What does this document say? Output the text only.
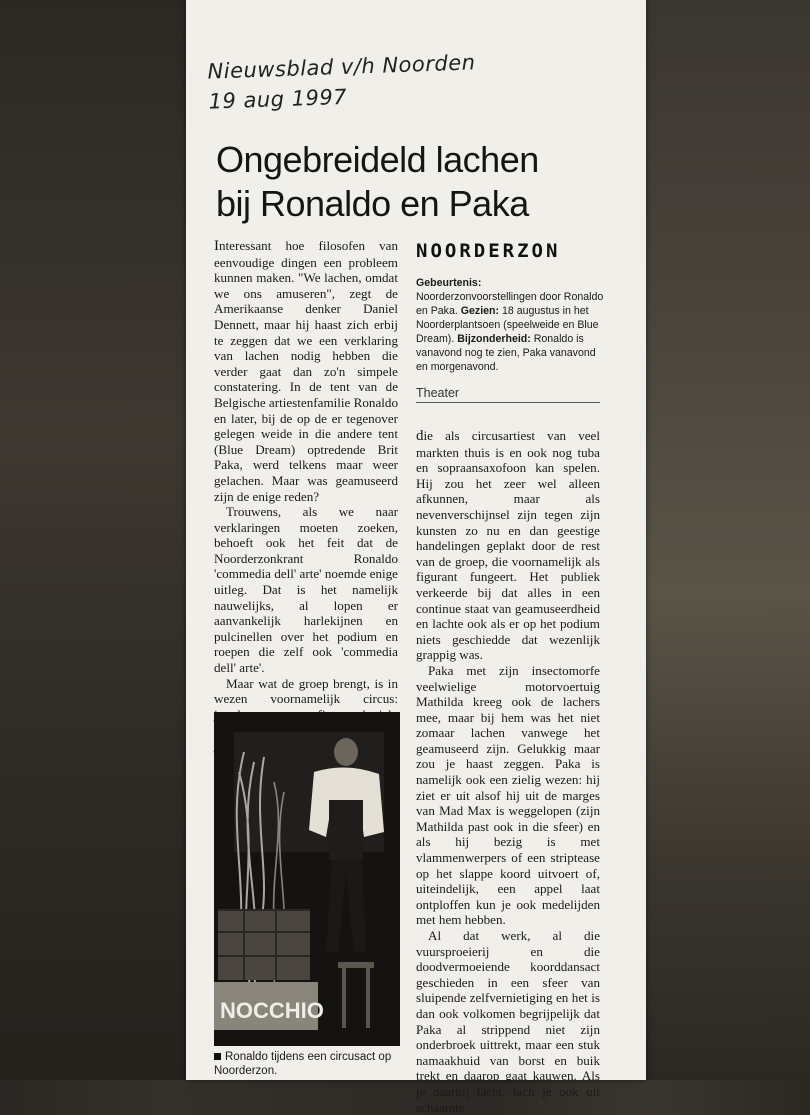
Nieuwsblad v/h Noorden
19 aug 1997
Ongebreideld lachen
bij Ronaldo en Paka

Interessant hoe filosofen van eenvoudige dingen een probleem kunnen maken. "We lachen, omdat we ons amuseren", zegt de Amerikaanse denker Daniel Dennett, maar hij haast zich erbij te zeggen dat we een verklaring van lachen nodig hebben die verder gaat dan zo'n simpele constatering. In de tent van de Belgische artiestenfamilie Ronaldo en later, bij de op de er tegenover gelegen weide in die andere tent (Blue Dream) optredende Brit Paka, werd telkens maar weer gelachen. Maar was geamuseerd zijn de enige reden?

Trouwens, als we naar verklaringen moeten zoeken, behoeft ook het feit dat de Noorderzonkrant Ronaldo 'commedia dell' arte' noemde enige uitleg. Dat is het namelijk nauwelijks, al lopen er aanvankelijk harlekijnen en pulcinellen over het podium en roepen die zelf ook 'commedia dell' arte'.

Maar wat de groep brengt, is in wezen voornamelijk circus:

NOORDERZON
Gebeurtenis: Noorderzonvoorstellingen door Ronaldo en Paka. Gezien: 18 augustus in het Noorderplantsoen (speelweide en Blue Dream). Bijzonderheid: Ronaldo is vanavond nog te zien, Paka vanavond en morgenavond.
Theater

die als circusartiest van veel markten thuis is en ook nog tuba en sopraansaxofoon kan spelen. Hij zou het zeer wel alleen afkunnen, maar als nevenverschijnsel zijn tegen zijn kunsten zo nu en dan geestige handelingen geplakt door de rest van de groep, die voornamelijk als figurant fungeert. Het publiek verkeerde bij dat alles in een continue staat van geamuseerdheid en lachte ook als er op het podium niets geschiedde dat wezenlijk grappig was.

Paka met zijn insectomorfe veelwielige motorvoertuig Mathilda kreeg ook de lachers mee, maar bij hem was het niet zomaar lachen vanwege het geamuseerd zijn. Gelukkig maar zou je haast zeggen. Paka is namelijk ook een zielig wezen: hij ziet er uit alsof hij uit de marges van Mad Max is weggelopen (zijn Mathilda past ook in die sfeer) en als hij bezig is met vlammenwerpers of een striptease op het slappe koord uitvoert of, uiteindelijk, een appel laat ontploffen kun je ook medelijden met hem hebben.

Al dat werk, al die vuursproeierij en die doodvermoeiende koorddansact geschieden in een sfeer van sluipende zelfvernietiging en het is dan ook volkomen begrijpelijk dat Paka al strippend niet zijn onderbroek uittrekt, maar een stuk namaakhuid van borst en buik trekt en daarop gaat kauwen. Als je daarbij lacht, lach je ook uit schaamte.

NOCCHIO
Ronaldo tijdens een circusact op Noorderzon.
